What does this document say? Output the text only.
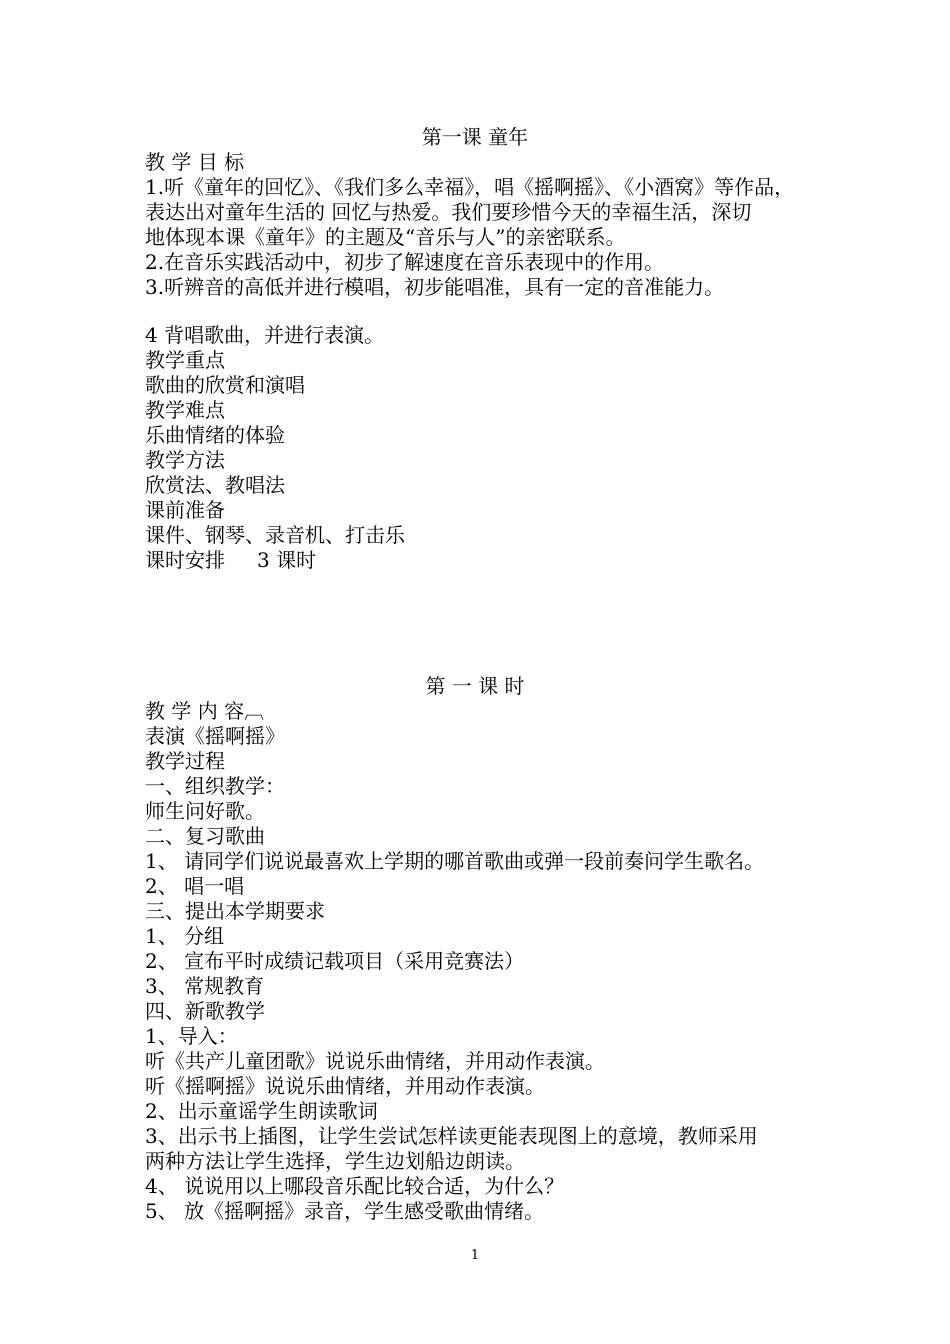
第一课 童年
教 学 目 标
1.听《童年的回忆》、《我们多么幸福》，唱《摇啊摇》、《小酒窝》等作品，
表达出对童年生活的 回忆与热爱。我们要珍惜今天的幸福生活，深切
地体现本课《童年》的主题及“音乐与人”的亲密联系。
2.在音乐实践活动中，初步了解速度在音乐表现中的作用。
3.听辨音的高低并进行模唱，初步能唱准，具有一定的音准能力。
4 背唱歌曲，并进行表演。
教学重点
歌曲的欣赏和演唱
教学难点
乐曲情绪的体验
教学方法
欣赏法、教唱法
课前准备
课件、钢琴、录音机、打击乐
课时安排 3 课时
第 一 课 时
教 学 内 容︹
表演《摇啊摇》
教学过程
一、组织教学：
师生问好歌。
二、复习歌曲
1、 请同学们说说最喜欢上学期的哪首歌曲或弹一段前奏问学生歌名。
2、 唱一唱
三、提出本学期要求
1、 分组
2、 宣布平时成绩记载项目（采用竞赛法）
3、 常规教育
四、新歌教学
1、导入：
听《共产儿童团歌》说说乐曲情绪，并用动作表演。
听《摇啊摇》说说乐曲情绪，并用动作表演。
2、出示童谣学生朗读歌词
3、出示书上插图，让学生尝试怎样读更能表现图上的意境，教师采用
两种方法让学生选择，学生边划船边朗读。
4、 说说用以上哪段音乐配比较合适，为什么？
5、 放《摇啊摇》录音，学生感受歌曲情绪。
1
